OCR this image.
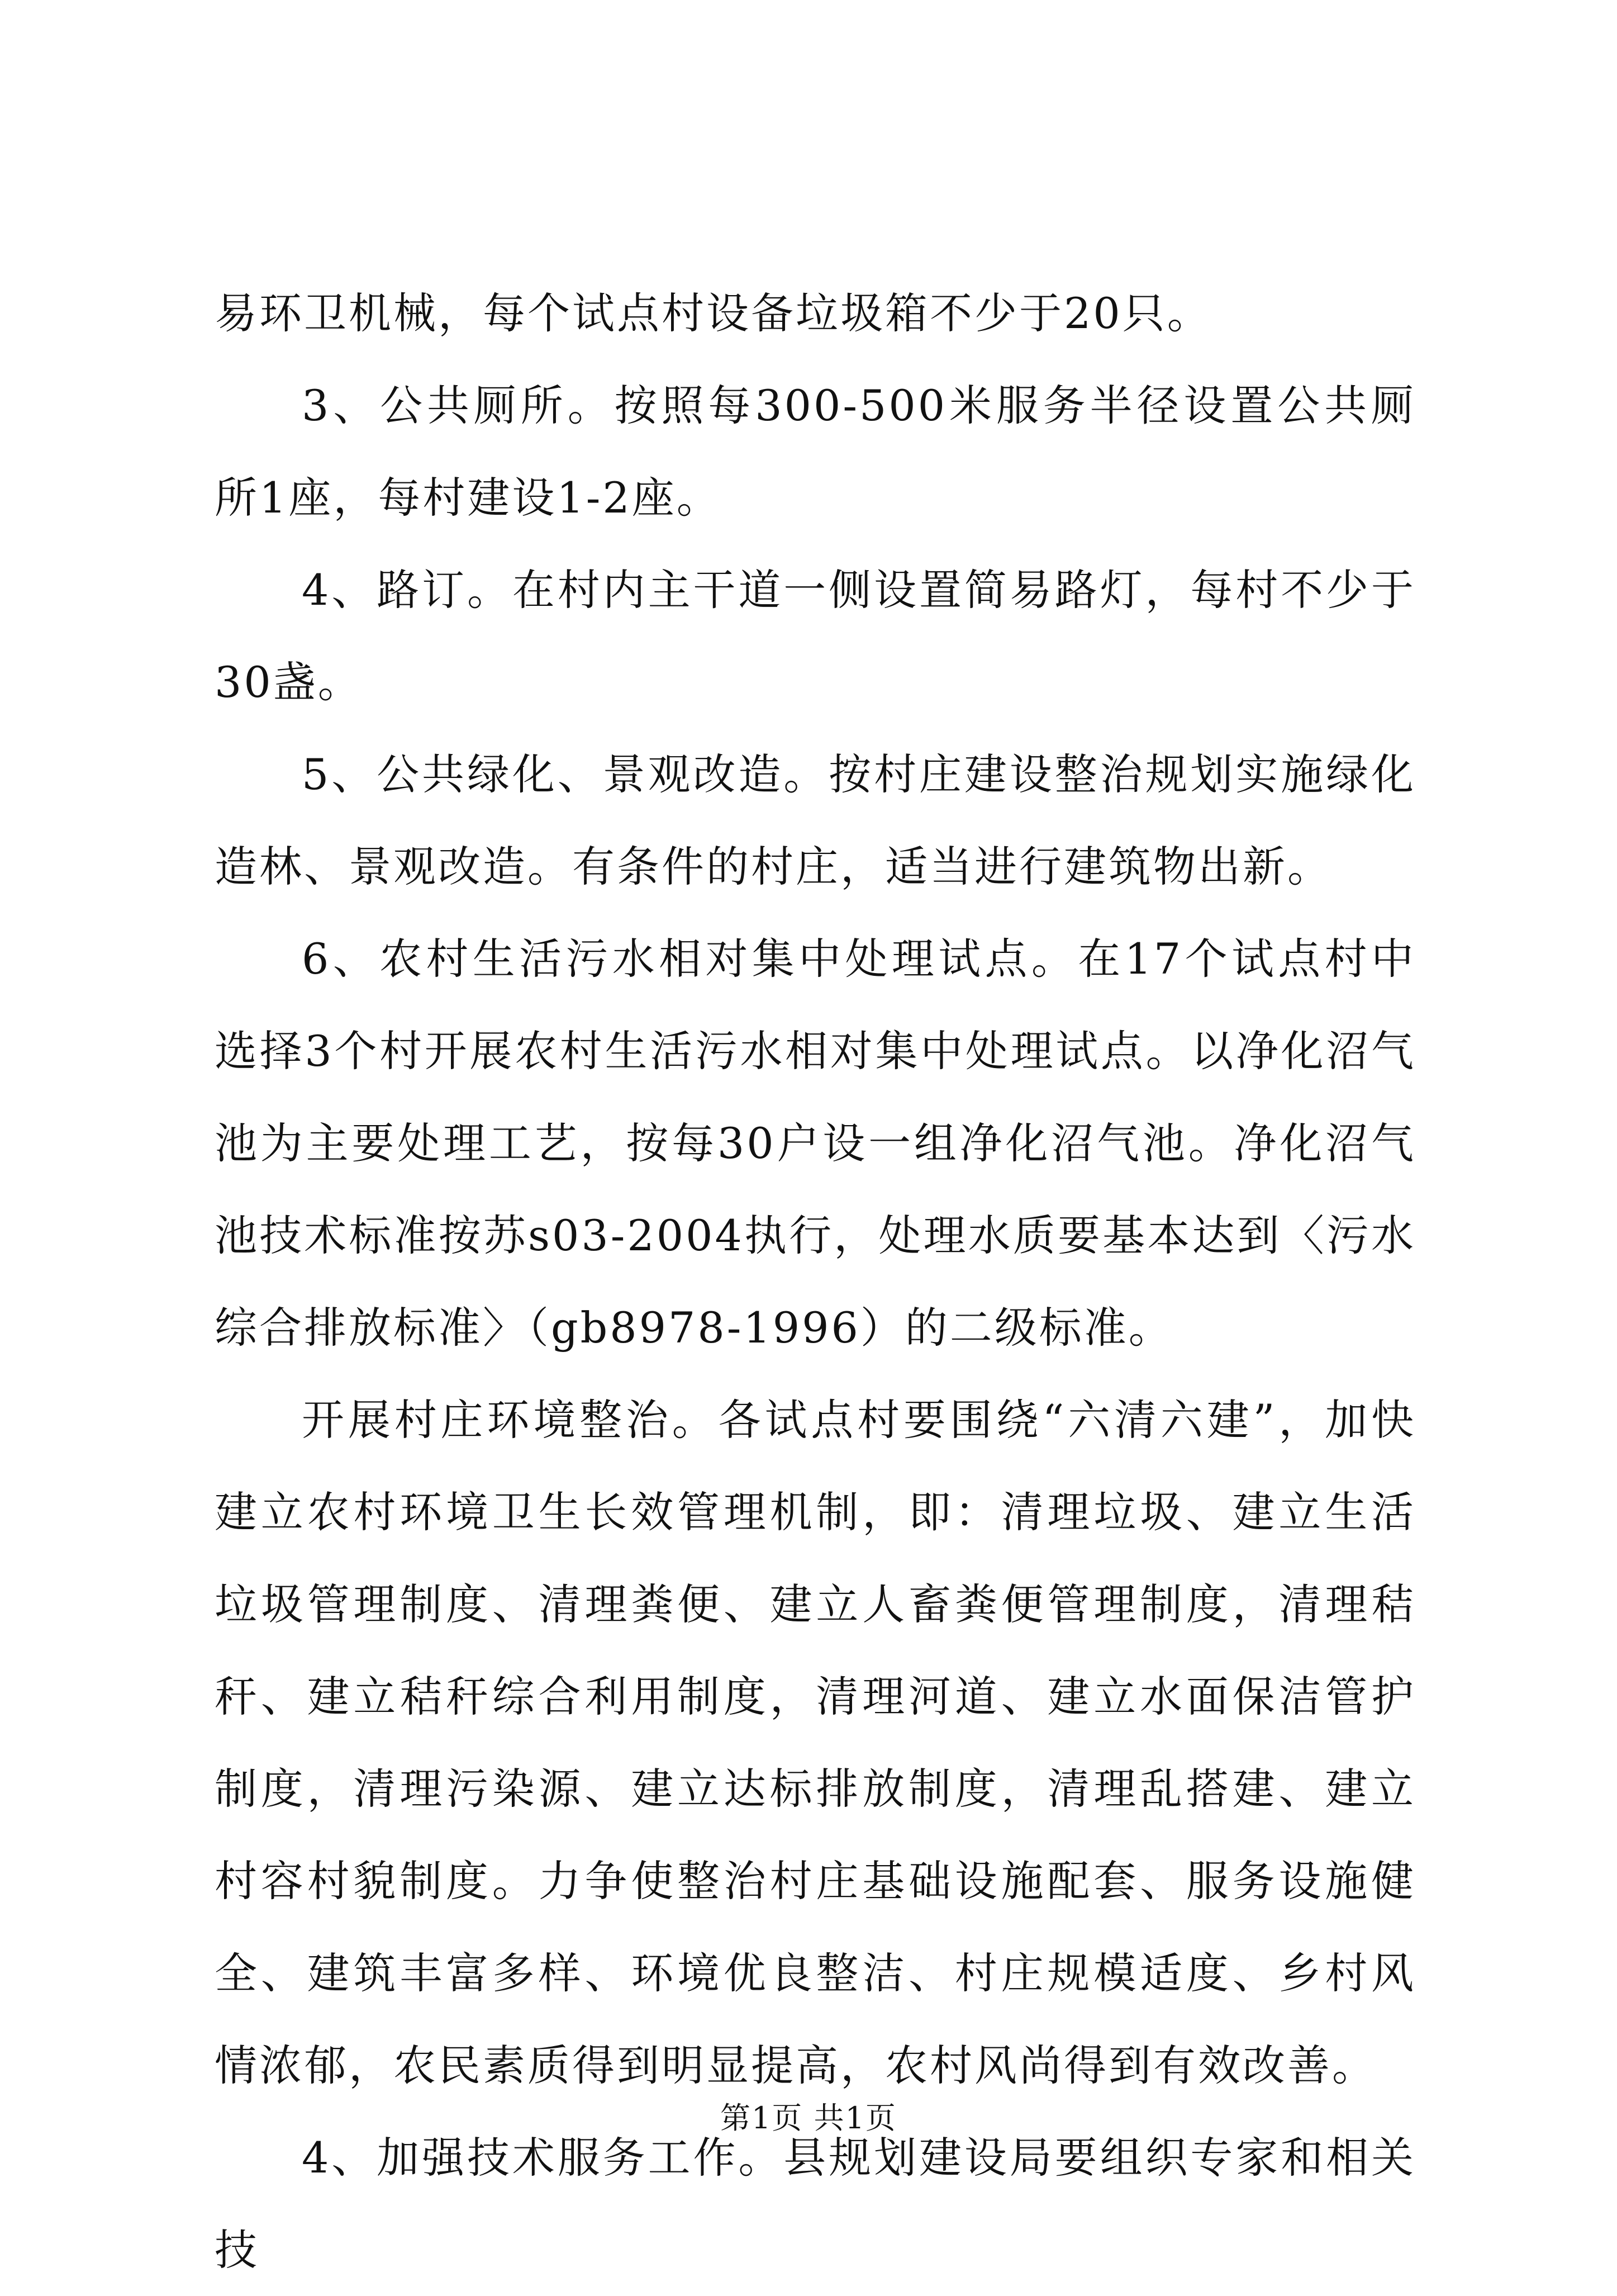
易环卫机械，每个试点村设备垃圾箱不少于20只。

3、公共厕所。按照每300-500米服务半径设置公共厕所1座，每村建设1-2座。

4、路订。在村内主干道一侧设置简易路灯，每村不少于30盏。

5、公共绿化、景观改造。按村庄建设整治规划实施绿化造林、景观改造。有条件的村庄，适当进行建筑物出新。

6、农村生活污水相对集中处理试点。在17个试点村中选择3个村开展农村生活污水相对集中处理试点。以净化沼气池为主要处理工艺，按每30户设一组净化沼气池。净化沼气池技术标准按苏s03-2004执行，处理水质要基本达到〈污水综合排放标准〉（gb8978-1996）的二级标准。

开展村庄环境整治。各试点村要围绕“六清六建”，加快建立农村环境卫生长效管理机制，即：清理垃圾、建立生活垃圾管理制度、清理粪便、建立人畜粪便管理制度，清理秸秆、建立秸秆综合利用制度，清理河道、建立水面保洁管护制度，清理污染源、建立达标排放制度，清理乱搭建、建立村容村貌制度。力争使整治村庄基础设施配套、服务设施健全、建筑丰富多样、环境优良整洁、村庄规模适度、乡村风情浓郁，农民素质得到明显提高，农村风尚得到有效改善。

4、加强技术服务工作。县规划建设局要组织专家和相关技

第1页 共1页
